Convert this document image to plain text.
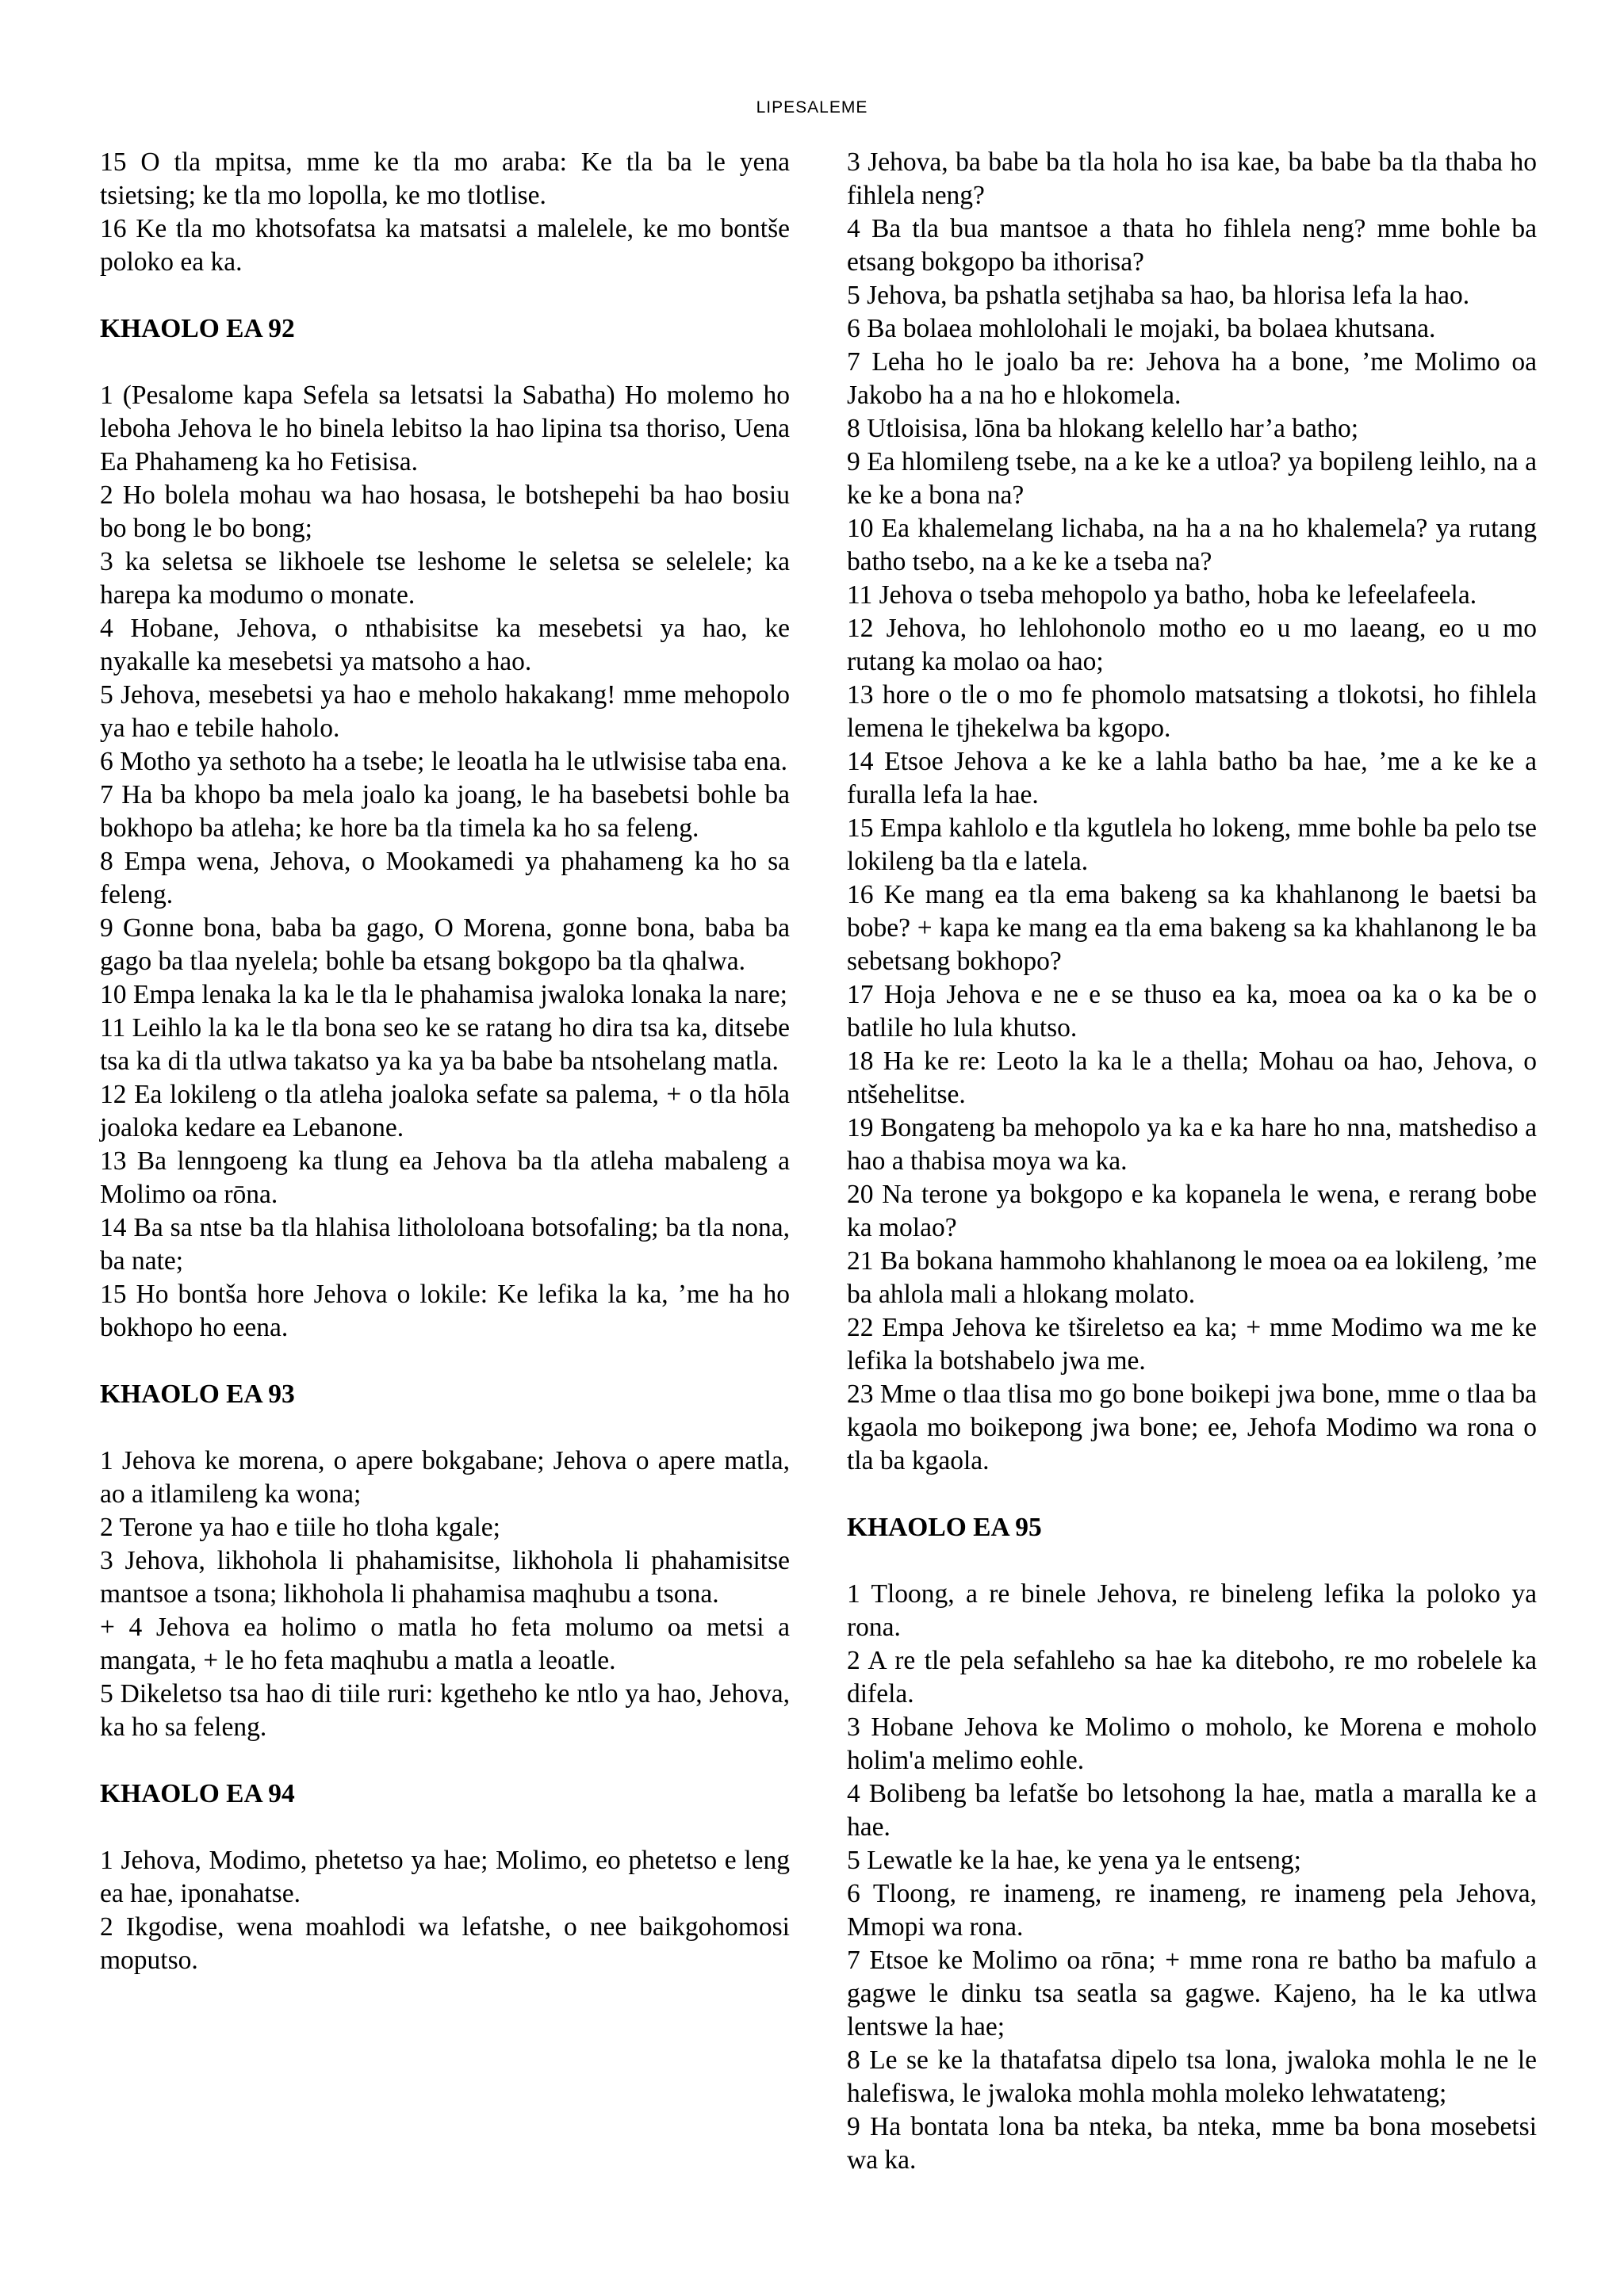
LIPESALEME

15 O tla mpitsa, mme ke tla mo araba: Ke tla ba le yena tsietsing; ke tla mo lopolla, ke mo tlotlise.

16 Ke tla mo khotsofatsa ka matsatsi a malelele, ke mo bontše poloko ea ka.

KHAOLO EA 92

1 (Pesalome kapa Sefela sa letsatsi la Sabatha) Ho molemo ho leboha Jehova le ho binela lebitso la hao lipina tsa thoriso, Uena Ea Phahameng ka ho Fetisisa.

2 Ho bolela mohau wa hao hosasa, le botshepehi ba hao bosiu bo bong le bo bong;

3 ka seletsa se likhoele tse leshome le seletsa se selelele; ka harepa ka modumo o monate.

4 Hobane, Jehova, o nthabisitse ka mesebetsi ya hao, ke nyakalle ka mesebetsi ya matsoho a hao.

5 Jehova, mesebetsi ya hao e meholo hakakang! mme mehopolo ya hao e tebile haholo.

6 Motho ya sethoto ha a tsebe; le leoatla ha le utlwisise taba ena.

7 Ha ba khopo ba mela joalo ka joang, le ha basebetsi bohle ba bokhopo ba atleha; ke hore ba tla timela ka ho sa feleng.

8 Empa wena, Jehova, o Mookamedi ya phahameng ka ho sa feleng.

9 Gonne bona, baba ba gago, O Morena, gonne bona, baba ba gago ba tlaa nyelela; bohle ba etsang bokgopo ba tla qhalwa.

10 Empa lenaka la ka le tla le phahamisa jwaloka lonaka la nare;

11 Leihlo la ka le tla bona seo ke se ratang ho dira tsa ka, ditsebe tsa ka di tla utlwa takatso ya ka ya ba babe ba ntsohelang matla.

12 Ea lokileng o tla atleha joaloka sefate sa palema, + o tla hōla joaloka kedare ea Lebanone.

13 Ba lenngoeng ka tlung ea Jehova ba tla atleha mabaleng a Molimo oa rōna.

14 Ba sa ntse ba tla hlahisa lithololoana botsofaling; ba tla nona, ba nate;

15 Ho bontša hore Jehova o lokile: Ke lefika la ka, ’me ha ho bokhopo ho eena.

KHAOLO EA 93

1 Jehova ke morena, o apere bokgabane; Jehova o apere matla, ao a itlamileng ka wona;

2 Terone ya hao e tiile ho tloha kgale;

3 Jehova, likhohola li phahamisitse, likhohola li phahamisitse mantsoe a tsona; likhohola li phahamisa maqhubu a tsona.

+ 4 Jehova ea holimo o matla ho feta molumo oa metsi a mangata, + le ho feta maqhubu a matla a leoatle.

5 Dikeletso tsa hao di tiile ruri: kgetheho ke ntlo ya hao, Jehova, ka ho sa feleng.

KHAOLO EA 94

1 Jehova, Modimo, phetetso ya hae; Molimo, eo phetetso e leng ea hae, iponahatse.

2 Ikgodise, wena moahlodi wa lefatshe, o nee baikgohomosi moputso.

3 Jehova, ba babe ba tla hola ho isa kae, ba babe ba tla thaba ho fihlela neng?

4 Ba tla bua mantsoe a thata ho fihlela neng? mme bohle ba etsang bokgopo ba ithorisa?

5 Jehova, ba pshatla setjhaba sa hao, ba hlorisa lefa la hao.

6 Ba bolaea mohlolohali le mojaki, ba bolaea khutsana.

7 Leha ho le joalo ba re: Jehova ha a bone, ’me Molimo oa Jakobo ha a na ho e hlokomela.

8 Utloisisa, lōna ba hlokang kelello har’a batho;

9 Ea hlomileng tsebe, na a ke ke a utloa? ya bopileng leihlo, na a ke ke a bona na?

10 Ea khalemelang lichaba, na ha a na ho khalemela? ya rutang batho tsebo, na a ke ke a tseba na?

11 Jehova o tseba mehopolo ya batho, hoba ke lefeelafeela.

12 Jehova, ho lehlohonolo motho eo u mo laeang, eo u mo rutang ka molao oa hao;

13 hore o tle o mo fe phomolo matsatsing a tlokotsi, ho fihlela lemena le tjhekelwa ba kgopo.

14 Etsoe Jehova a ke ke a lahla batho ba hae, ’me a ke ke a furalla lefa la hae.

15 Empa kahlolo e tla kgutlela ho lokeng, mme bohle ba pelo tse lokileng ba tla e latela.

16 Ke mang ea tla ema bakeng sa ka khahlanong le baetsi ba bobe? + kapa ke mang ea tla ema bakeng sa ka khahlanong le ba sebetsang bokhopo?

17 Hoja Jehova e ne e se thuso ea ka, moea oa ka o ka be o batlile ho lula khutso.

18 Ha ke re: Leoto la ka le a thella; Mohau oa hao, Jehova, o ntšehelitse.

19 Bongateng ba mehopolo ya ka e ka hare ho nna, matshediso a hao a thabisa moya wa ka.

20 Na terone ya bokgopo e ka kopanela le wena, e rerang bobe ka molao?

21 Ba bokana hammoho khahlanong le moea oa ea lokileng, ’me ba ahlola mali a hlokang molato.

22 Empa Jehova ke tšireletso ea ka; + mme Modimo wa me ke lefika la botshabelo jwa me.

23 Mme o tlaa tlisa mo go bone boikepi jwa bone, mme o tlaa ba kgaola mo boikepong jwa bone; ee, Jehofa Modimo wa rona o tla ba kgaola.

KHAOLO EA 95

1 Tloong, a re binele Jehova, re bineleng lefika la poloko ya rona.

2 A re tle pela sefahleho sa hae ka diteboho, re mo robelele ka difela.

3 Hobane Jehova ke Molimo o moholo, ke Morena e moholo holim'a melimo eohle.

4 Bolibeng ba lefatše bo letsohong la hae, matla a maralla ke a hae.

5 Lewatle ke la hae, ke yena ya le entseng;

6 Tloong, re inameng, re inameng, re inameng pela Jehova, Mmopi wa rona.

7 Etsoe ke Molimo oa rōna; + mme rona re batho ba mafulo a gagwe le dinku tsa seatla sa gagwe. Kajeno, ha le ka utlwa lentswe la hae;

8 Le se ke la thatafatsa dipelo tsa lona, jwaloka mohla le ne le halefiswa, le jwaloka mohla mohla moleko lehwatateng;

9 Ha bontata lona ba nteka, ba nteka, mme ba bona mosebetsi wa ka.
